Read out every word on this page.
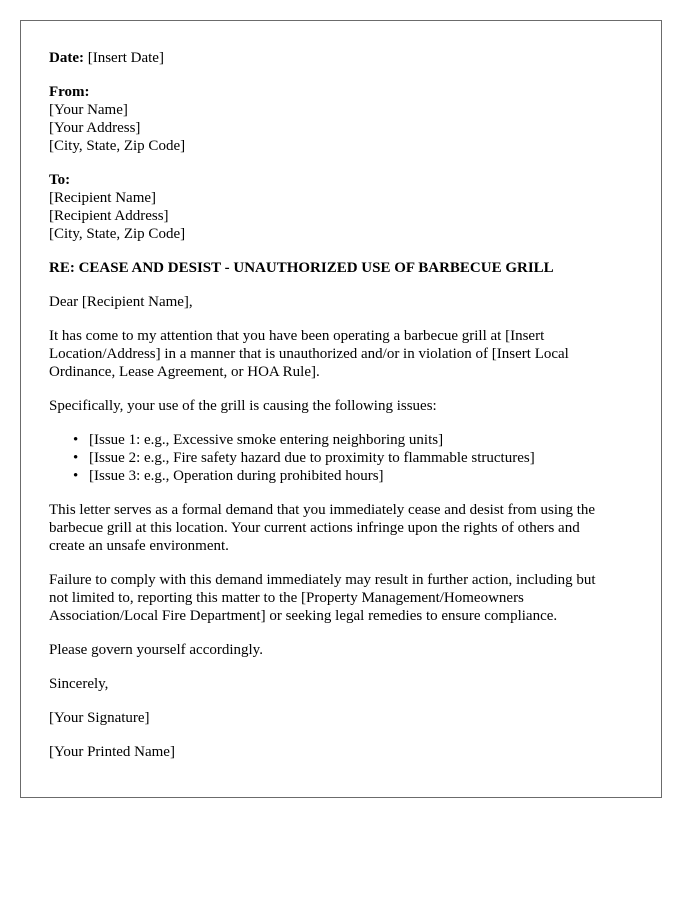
Date: [Insert Date]
From:
[Your Name]
[Your Address]
[City, State, Zip Code]
To:
[Recipient Name]
[Recipient Address]
[City, State, Zip Code]
RE: CEASE AND DESIST - UNAUTHORIZED USE OF BARBECUE GRILL
Dear [Recipient Name],
It has come to my attention that you have been operating a barbecue grill at [Insert
Location/Address] in a manner that is unauthorized and/or in violation of [Insert Local
Ordinance, Lease Agreement, or HOA Rule].
Specifically, your use of the grill is causing the following issues:
• [Issue 1: e.g., Excessive smoke entering neighboring units]
• [Issue 2: e.g., Fire safety hazard due to proximity to flammable structures]
• [Issue 3: e.g., Operation during prohibited hours]
This letter serves as a formal demand that you immediately cease and desist from using the
barbecue grill at this location. Your current actions infringe upon the rights of others and
create an unsafe environment.
Failure to comply with this demand immediately may result in further action, including but
not limited to, reporting this matter to the [Property Management/Homeowners
Association/Local Fire Department] or seeking legal remedies to ensure compliance.
Please govern yourself accordingly.
Sincerely,
[Your Signature]
[Your Printed Name]
